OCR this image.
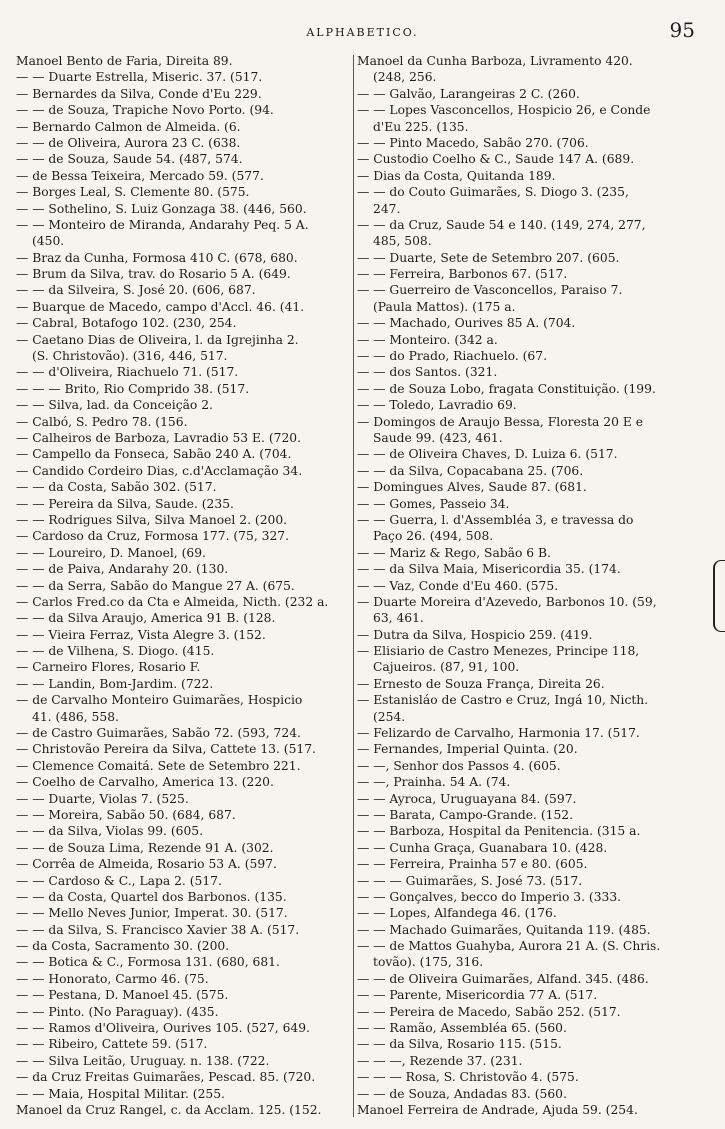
ALPHABETICO.	95
Manoel Bento de Faria, Direita 89.
— — Duarte Estrella, Miseric. 37. (517.
— Bernardes da Silva, Conde d'Eu 229.
— — de Souza, Trapiche Novo Porto. (94.
— Bernardo Calmon de Almeida. (6.
— — de Oliveira, Aurora 23 C. (638.
— — de Souza, Saude 54. (487, 574.
— de Bessa Teixeira, Mercado 59. (577.
— Borges Leal, S. Clemente 80. (575.
— — Sothelino, S. Luiz Gonzaga 38. (446, 560.
— — Monteiro de Miranda, Andarahy Peq. 5 A.
(450.
— Braz da Cunha, Formosa 410 C. (678, 680.
— Brum da Silva, trav. do Rosario 5 A. (649.
— — da Silveira, S. José 20. (606, 687.
— Buarque de Macedo, campo d'Accl. 46. (41.
— Cabral, Botafogo 102. (230, 254.
— Caetano Dias de Oliveira, l. da Igrejinha 2.
(S. Christovão). (316, 446, 517.
— — d'Oliveira, Riachuelo 71. (517.
— — — Brito, Rio Comprido 38. (517.
— — Silva, lad. da Conceição 2.
— Calbó, S. Pedro 78. (156.
— Calheiros de Barboza, Lavradio 53 E. (720.
— Campello da Fonseca, Sabão 240 A. (704.
— Candido Cordeiro Dias, c.d'Acclamação 34.
— — da Costa, Sabão 302. (517.
— — Pereira da Silva, Saude. (235.
— — Rodrigues Silva, Silva Manoel 2. (200.
— Cardoso da Cruz, Formosa 177. (75, 327.
— — Loureiro, D. Manoel, (69.
— — de Paiva, Andarahy 20. (130.
— — da Serra, Sabão do Mangue 27 A. (675.
— Carlos Fred.co da Cta e Almeida, Nicth. (232 a.
— — da Silva Araujo, America 91 B. (128.
— — Vieira Ferraz, Vista Alegre 3. (152.
— — de Vilhena, S. Diogo. (415.
— Carneiro Flores, Rosario F.
— — Landin, Bom-Jardim. (722.
— de Carvalho Monteiro Guimarães, Hospicio
41. (486, 558.
— de Castro Guimarães, Sabão 72. (593, 724.
— Christovão Pereira da Silva, Cattete 13. (517.
— Clemence Comaitá. Sete de Setembro 221.
— Coelho de Carvalho, America 13. (220.
— — Duarte, Violas 7. (525.
— — Moreira, Sabão 50. (684, 687.
— — da Silva, Violas 99. (605.
— — de Souza Lima, Rezende 91 A. (302.
— Corrêa de Almeida, Rosario 53 A. (597.
— — Cardoso & C., Lapa 2. (517.
— — da Costa, Quartel dos Barbonos. (135.
— — Mello Neves Junior, Imperat. 30. (517.
— — da Silva, S. Francisco Xavier 38 A. (517.
— da Costa, Sacramento 30. (200.
— — Botica & C., Formosa 131. (680, 681.
— — Honorato, Carmo 46. (75.
— — Pestana, D. Manoel 45. (575.
— — Pinto. (No Paraguay). (435.
— — Ramos d'Oliveira, Ourives 105. (527, 649.
— — Ribeiro, Cattete 59. (517.
— — Silva Leitão, Uruguay. n. 138. (722.
— da Cruz Freitas Guimarães, Pescad. 85. (720.
— — Maia, Hospital Militar. (255.
Manoel da Cruz Rangel, c. da Acclam. 125. (152.
Manoel da Cunha Barboza, Livramento 420.
(248, 256.
— — Galvão, Larangeiras 2 C. (260.
— — Lopes Vasconcellos, Hospicio 26, e Conde
d'Eu 225. (135.
— — Pinto Macedo, Sabão 270. (706.
— Custodio Coelho & C., Saude 147 A. (689.
— Dias da Costa, Quitanda 189.
— — do Couto Guimarães, S. Diogo 3. (235,
247.
— — da Cruz, Saude 54 e 140. (149, 274, 277,
485, 508.
— — Duarte, Sete de Setembro 207. (605.
— — Ferreira, Barbonos 67. (517.
— — Guerreiro de Vasconcellos, Paraiso 7.
(Paula Mattos). (175 a.
— — Machado, Ourives 85 A. (704.
— — Monteiro. (342 a.
— — do Prado, Riachuelo. (67.
— — dos Santos. (321.
— — de Souza Lobo, fragata Constituição. (199.
— — Toledo, Lavradio 69.
— Domingos de Araujo Bessa, Floresta 20 E e
Saude 99. (423, 461.
— — de Oliveira Chaves, D. Luiza 6. (517.
— — da Silva, Copacabana 25. (706.
— Domingues Alves, Saude 87. (681.
— — Gomes, Passeio 34.
— — Guerra, l. d'Assembléa 3, e travessa do
Paço 26. (494, 508.
— — Mariz & Rego, Sabão 6 B.
— — da Silva Maia, Misericordia 35. (174.
— — Vaz, Conde d'Eu 460. (575.
— Duarte Moreira d'Azevedo, Barbonos 10. (59,
63, 461.
— Dutra da Silva, Hospicio 259. (419.
— Elisiario de Castro Menezes, Principe 118,
Cajueiros. (87, 91, 100.
— Ernesto de Souza França, Direita 26.
— Estanisláo de Castro e Cruz, Ingá 10, Nicth.
(254.
— Felizardo de Carvalho, Harmonia 17. (517.
— Fernandes, Imperial Quinta. (20.
— —, Senhor dos Passos 4. (605.
— —, Prainha. 54 A. (74.
— — Ayroca, Uruguayana 84. (597.
— — Barata, Campo-Grande. (152.
— — Barboza, Hospital da Penitencia. (315 a.
— — Cunha Graça, Guanabara 10. (428.
— — Ferreira, Prainha 57 e 80. (605.
— — — Guimarães, S. José 73. (517.
— — Gonçalves, becco do Imperio 3. (333.
— — Lopes, Alfandega 46. (176.
— — Machado Guimarães, Quitanda 119. (485.
— — de Mattos Guahyba, Aurora 21 A. (S. Chris.
tovão). (175, 316.
— — de Oliveira Guimarães, Alfand. 345. (486.
— — Parente, Misericordia 77 A. (517.
— — Pereira de Macedo, Sabão 252. (517.
— — Ramão, Assembléa 65. (560.
— — da Silva, Rosario 115. (515.
— — —, Rezende 37. (231.
— — — Rosa, S. Christovão 4. (575.
— — de Souza, Andadas 83. (560.
Manoel Ferreira de Andrade, Ajuda 59. (254.
